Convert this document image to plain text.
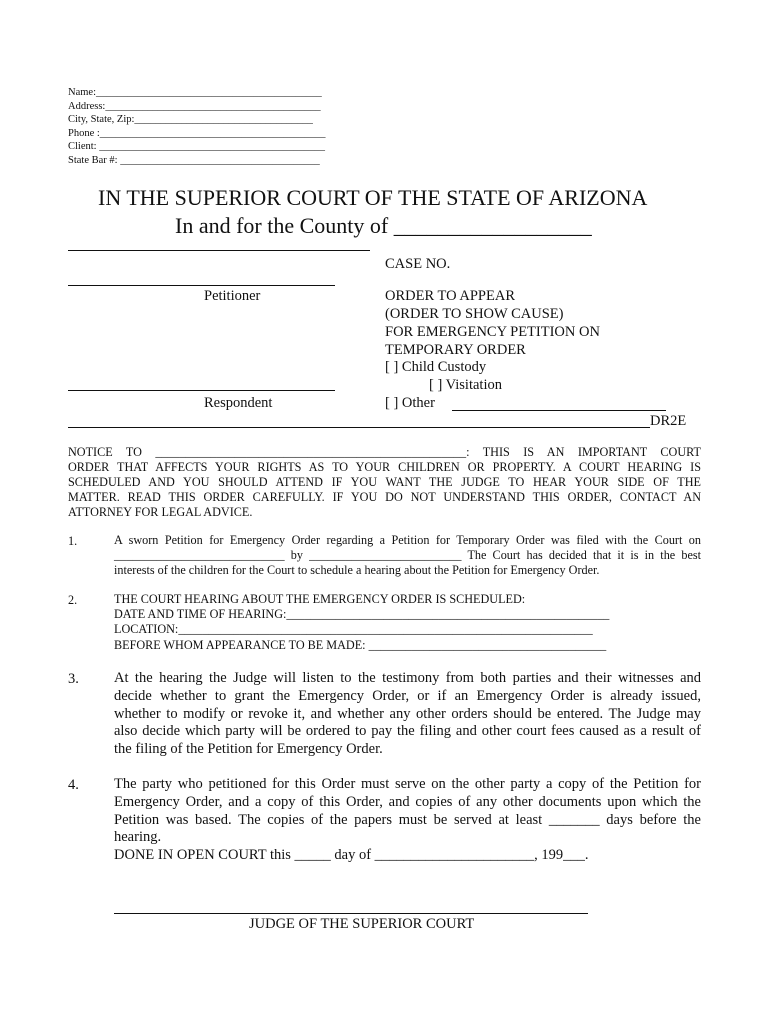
Name:___________________________________________
Address:_________________________________________
City, State, Zip:__________________________________
Phone :___________________________________________
Client: ___________________________________________
State Bar #: ______________________________________
IN THE SUPERIOR COURT OF THE STATE OF ARIZONA
In and for the County of __________________
Petitioner
Respondent
CASE NO.
ORDER TO APPEAR
(ORDER TO SHOW CAUSE)
FOR EMERGENCY PETITION ON
TEMPORARY ORDER
[ ] Child Custody
[ ] Visitation
[ ] Other
DR2E
NOTICE TO ___________________________________________________: THIS IS AN IMPORTANT COURT
ORDER THAT AFFECTS YOUR RIGHTS AS TO YOUR CHILDREN OR PROPERTY. A COURT HEARING IS
SCHEDULED AND YOU SHOULD ATTEND IF YOU WANT THE JUDGE TO HEAR YOUR SIDE OF THE
MATTER. READ THIS ORDER CAREFULLY. IF YOU DO NOT UNDERSTAND THIS ORDER, CONTACT AN
ATTORNEY FOR LEGAL ADVICE.
1.	A sworn Petition for Emergency Order regarding a Petition for Temporary Order was filed with the Court on
____________________________ by _________________________ The Court has decided that it is in the best
interests of the children for the Court to schedule a hearing about the Petition for Emergency Order.
2.	THE COURT HEARING ABOUT THE EMERGENCY ORDER IS SCHEDULED:
DATE AND TIME OF HEARING:_____________________________________________________
LOCATION:____________________________________________________________________
BEFORE WHOM APPEARANCE TO BE MADE: _______________________________________
3. At the hearing the Judge will listen to the testimony from both parties and their witnesses and
decide whether to grant the Emergency Order, or if an Emergency Order is already issued,
whether to modify or revoke it, and whether any other orders should be entered. The Judge may
also decide which party will be ordered to pay the filing and other court fees caused as a result of
the filing of the Petition for Emergency Order.
4. The party who petitioned for this Order must serve on the other party a copy of the Petition for
Emergency Order, and a copy of this Order, and copies of any other documents upon which the
Petition was based. The copies of the papers must be served at least _______ days before the
hearing.
DONE IN OPEN COURT this _____ day of ______________________, 199___.
JUDGE OF THE SUPERIOR COURT
